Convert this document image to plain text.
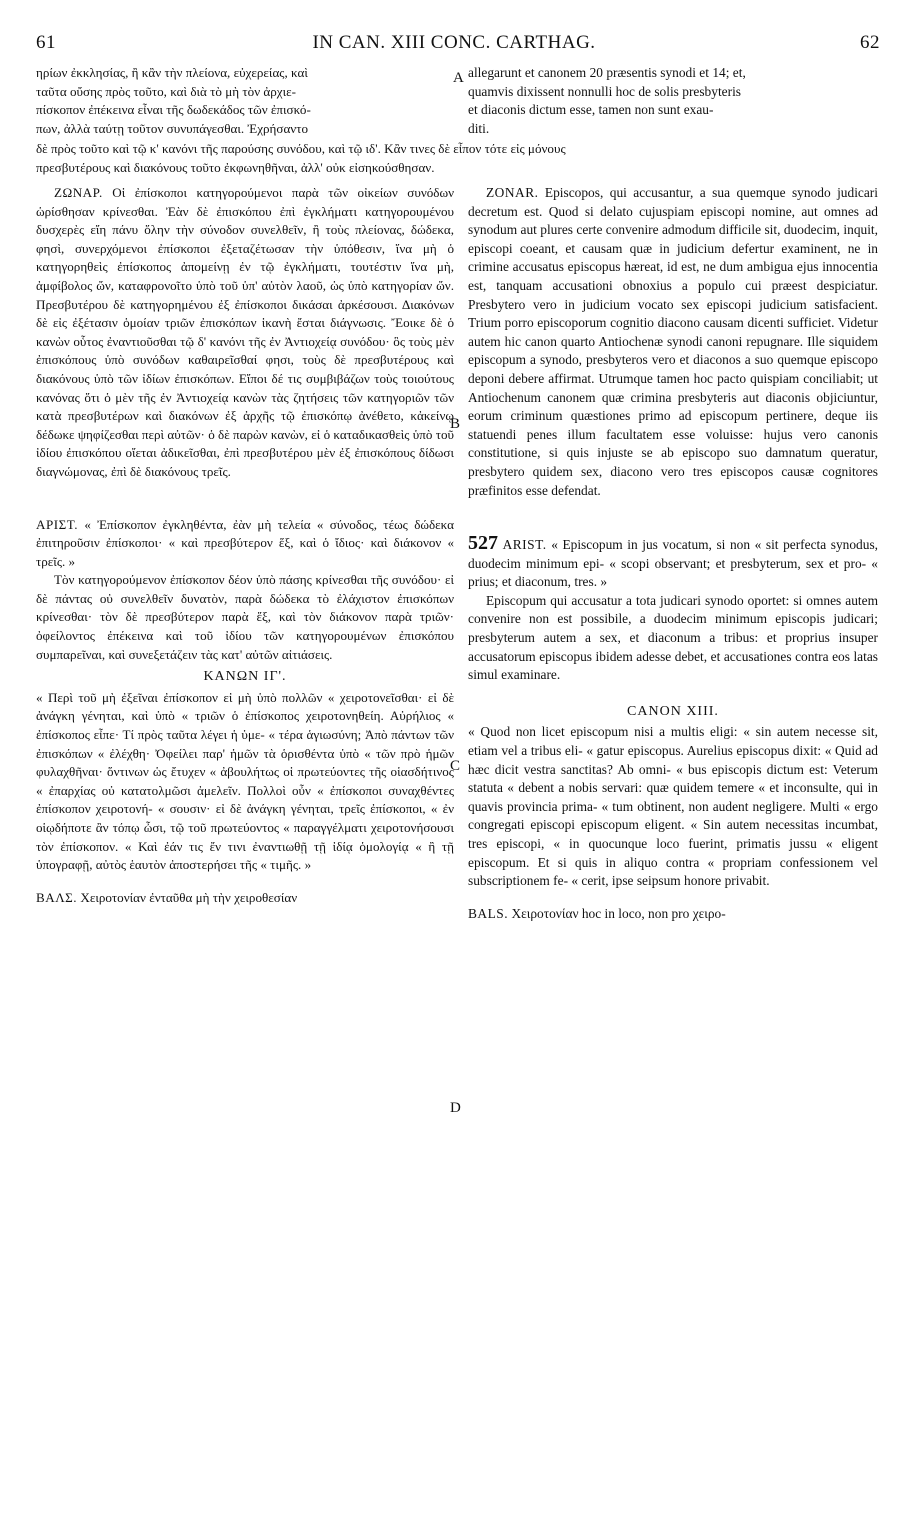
61	IN CAN. XIII CONC. CARTHAG.	62

ηρίων ἐκκλησίας, ἢ κἂν τὴν πλείονα, εὐχερείας, καὶ

ταῦτα οὔσης πρὸς τοῦτο, καὶ διὰ τὸ μὴ τὸν ἀρχιε-

πίσκοπον ἐπέκεινα εἶναι τῆς δωδεκάδος τῶν ἐπισκό-

πων, ἀλλὰ ταύτῃ τοῦτον συνυπάγεσθαι. Ἐχρήσαντο

allegarunt et canonem 20 præsentis synodi et 14; et,

quamvis dixissent nonnulli hoc de solis presbyteris

et diaconis dictum esse, tamen non sunt exau-

diti.

δὲ πρὸς τοῦτο καὶ τῷ κ' κανόνι τῆς παρούσης συνόδου, καὶ τῷ ιδ'. Κἂν τινες δὲ εἶπον τότε εἰς μόνους
πρεσβυτέρους καὶ διακόνους τοῦτο ἐκφωνηθῆναι, ἀλλ' οὐκ εἰσηκούσθησαν.
A
B
C
D

ΖΩΝΑΡ. Οἱ ἐπίσκοποι κατηγορούμενοι παρὰ τῶν οἰκείων συνόδων ὡρίσθησαν κρίνεσθαι. Ἐὰν δὲ ἐπισκόπου ἐπὶ ἐγκλήματι κατηγορουμένου δυσχερὲς εἴη πάνυ ὅλην τὴν σύνοδον συνελθεῖν, ἢ τοὺς πλείονας, δώδεκα, φησὶ, συνερχόμενοι ἐπίσκοποι ἐξεταζέτωσαν τὴν ὑπόθεσιν, ἵνα μὴ ὁ κατηγορηθεὶς ἐπίσκοπος ἀπομείνῃ ἐν τῷ ἐγκλήματι, τουτέστιν ἵνα μὴ, ἀμφίβολος ὤν, καταφρονοῖτο ὑπὸ τοῦ ὑπ' αὐτὸν λαοῦ, ὡς ὑπὸ κατηγορίαν ὤν. Πρεσβυτέρου δὲ κατηγορημένου ἐξ ἐπίσκοποι δικάσαι ἀρκέσουσι. Διακόνων δὲ εἰς ἐξέτασιν ὁμοίαν τριῶν ἐπισκόπων ἱκανὴ ἔσται διάγνωσις. Ἔοικε δὲ ὁ κανὼν οὗτος ἐναντιοῦσθαι τῷ δ' κανόνι τῆς ἐν Ἀντιοχείᾳ συνόδου· ὃς τοὺς μὲν ἐπισκόπους ὑπὸ συνόδων καθαιρεῖσθαί φησι, τοὺς δὲ πρεσβυτέρους καὶ διακόνους ὑπὸ τῶν ἰδίων ἐπισκόπων. Εἴποι δέ τις συμβιβάζων τοὺς τοιούτους κανόνας ὅτι ὁ μὲν τῆς ἐν Ἀντιοχείᾳ κανὼν τὰς ζητήσεις τῶν κατηγοριῶν τῶν κατὰ πρεσβυτέρων καὶ διακόνων ἐξ ἀρχῆς τῷ ἐπισκόπῳ ἀνέθετο, κἀκείνῳ δέδωκε ψηφίζεσθαι περὶ αὐτῶν· ὁ δὲ παρὼν κανὼν, εἰ ὁ καταδικασθεὶς ὑπὸ τοῦ ἰδίου ἐπισκόπου οἴεται ἀδικεῖσθαι, ἐπὶ πρεσβυτέρου μὲν ἐξ ἐπισκόπους δίδωσι διαγνώμονας, ἐπὶ δὲ διακόνους τρεῖς.

ΑΡΙΣΤ. « Ἐπίσκοπον ἐγκληθέντα, ἐὰν μὴ τελεία « σύνοδος, τέως δώδεκα ἐπιτηροῦσιν ἐπίσκοποι· « καὶ πρεσβύτερον ἕξ, καὶ ὁ ἴδιος· καὶ διάκονον « τρεῖς. »

Τὸν κατηγορούμενον ἐπίσκοπον δέον ὑπὸ πάσης κρίνεσθαι τῆς συνόδου· εἰ δὲ πάντας οὐ συνελθεῖν δυνατὸν, παρὰ δώδεκα τὸ ἐλάχιστον ἐπισκόπων κρίνεσθαι· τὸν δὲ πρεσβύτερον παρὰ ἕξ, καὶ τὸν διάκονον παρὰ τριῶν· ὀφείλοντος ἐπέκεινα καὶ τοῦ ἰδίου τῶν κατηγορουμένων ἐπισκόπου συμπαρεῖναι, καὶ συνεξετάζειν τὰς κατ' αὐτῶν αἰτιάσεις.

ΚΑΝΩΝ ΙΓ'.

« Περὶ τοῦ μὴ ἐξεῖναι ἐπίσκοπον εἰ μὴ ὑπὸ πολλῶν « χειροτονεῖσθαι· εἰ δὲ ἀνάγκη γένηται, καὶ ὑπὸ « τριῶν ὁ ἐπίσκοπος χειροτονηθείη. Αὐρήλιος « ἐπίσκοπος εἶπε· Τί πρὸς ταῦτα λέγει ἡ ὑμε- « τέρα ἁγιωσύνη; Ἀπὸ πάντων τῶν ἐπισκόπων « ἐλέχθη· Ὀφείλει παρ' ἡμῶν τὰ ὁρισθέντα ὑπὸ « τῶν πρὸ ἡμῶν φυλαχθῆναι· ὅντινων ὡς ἔτυχεν « ἀβουλήτως οἱ πρωτεύοντες τῆς οἱασδήτινος « ἐπαρχίας οὐ κατατολμῶσι ἀμελεῖν. Πολλοὶ οὖν « ἐπίσκοποι συναχθέντες ἐπίσκοπον χειροτονή- « σουσιν· εἰ δὲ ἀνάγκη γένηται, τρεῖς ἐπίσκοποι, « ἐν οἱῳδήποτε ἂν τόπῳ ὦσι, τῷ τοῦ πρωτεύοντος « παραγγέλματι χειροτονήσουσι τὸν ἐπίσκοπον. « Καὶ ἐάν τις ἔν τινι ἐναντιωθῇ τῇ ἰδίᾳ ὁμολογίᾳ « ἢ τῇ ὑπογραφῇ, αὐτὸς ἑαυτὸν ἀποστερήσει τῆς « τιμῆς. »

ΒΑΛΣ. Χειροτονίαν ἐνταῦθα μὴ τὴν χειροθεσίαν

ZONAR. Episcopos, qui accusantur, a sua quemque synodo judicari decretum est. Quod si delato cujuspiam episcopi nomine, aut omnes ad synodum aut plures certe convenire admodum difficile sit, duodecim, inquit, episcopi coeant, et causam quæ in judicium defertur examinent, ne in crimine accusatus episcopus hæreat, id est, ne dum ambigua ejus innocentia est, tanquam accusationi obnoxius a populo cui præest despiciatur. Presbytero vero in judicium vocato sex episcopi judicium satisfacient. Trium porro episcoporum cognitio diacono causam dicenti sufficiet. Videtur autem hic canon quarto Antiochenæ synodi canoni repugnare. Ille siquidem episcopum a synodo, presbyteros vero et diaconos a suo quemque episcopo deponi debere affirmat. Utrumque tamen hoc pacto quispiam conciliabit; ut Antiochenum canonem quæ crimina presbyteris aut diaconis objiciuntur, eorum criminum quæstiones primo ad episcopum pertinere, deque iis statuendi penes illum facultatem esse voluisse: hujus vero canonis constitutione, si quis injuste se ab episcopo suo damnatum queratur, presbytero quidem sex, diacono vero tres episcopos causæ cognitores præfinitos esse defendat.

527 ARIST. « Episcopum in jus vocatum, si non « sit perfecta synodus, duodecim minimum epi- « scopi observant; et presbyterum, sex et pro- « prius; et diaconum, tres. »

Episcopum qui accusatur a tota judicari synodo oportet: si omnes autem convenire non est possibile, a duodecim minimum episcopis judicari; presbyterum autem a sex, et diaconum a tribus: et proprius insuper accusatorum episcopus ibidem adesse debet, et accusationes contra eos latas simul examinare.

CANON XIII.

« Quod non licet episcopum nisi a multis eligi: « sin autem necesse sit, etiam vel a tribus eli- « gatur episcopus. Aurelius episcopus dixit: « Quid ad hæc dicit vestra sanctitas? Ab omni- « bus episcopis dictum est: Veterum statuta « debent a nobis servari: quæ quidem temere « et inconsulte, qui in quavis provincia prima- « tum obtinent, non audent negligere. Multi « ergo congregati episcopi episcopum eligent. « Sin autem necessitas incumbat, tres episcopi, « in quocunque loco fuerint, primatis jussu « eligent episcopum. Et si quis in aliquo contra « propriam confessionem vel subscriptionem fe- « cerit, ipse seipsum honore privabit.

BALS. Χειροτονίαν hoc in loco, non pro χειρο-
